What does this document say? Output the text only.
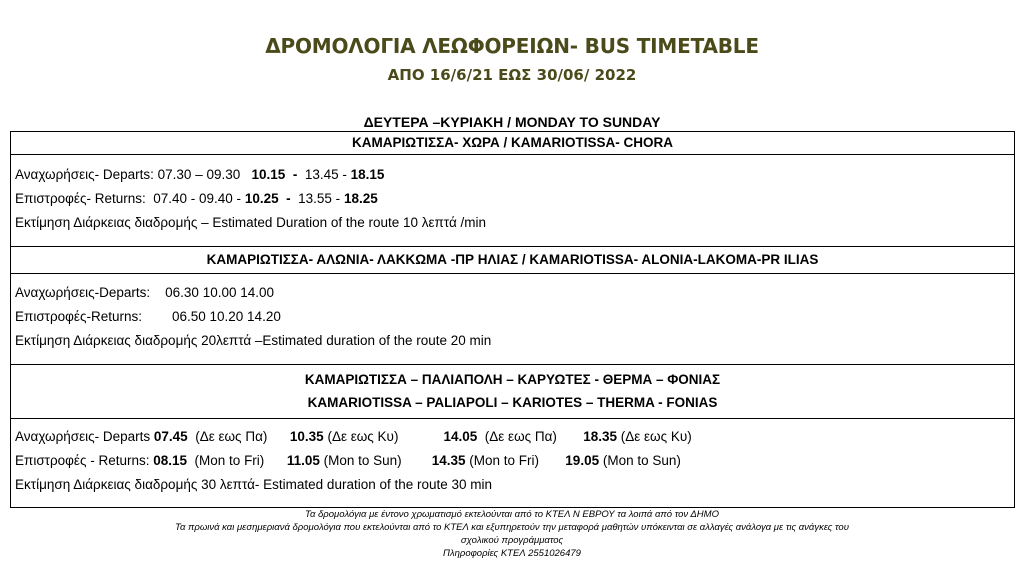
ΔΡΟΜΟΛΟΓΙΑ ΛΕΩΦΟΡΕΙΩΝ- BUS TIMETABLE
ΑΠΟ 16/6/21 ΕΩΣ 30/06/ 2022
ΔΕΥΤΕΡΑ –ΚΥΡΙΑΚΗ / MONDAY TO SUNDAY
ΚΑΜΑΡΙΩΤΙΣΣΑ- ΧΩΡΑ / KAMARIOTISSA- CHORA
Αναχωρήσεις- Departs: 07.30 – 09.30 10.15 - 13.45 - 18.15
Επιστροφές- Returns: 07.40 - 09.40 - 10.25 - 13.55 - 18.25
Εκτίμηση Διάρκειας διαδρομής – Estimated Duration of the route 10 λεπτά /min
ΚΑΜΑΡΙΩΤΙΣΣΑ- ΑΛΩΝΙΑ- ΛΑΚΚΩΜΑ -ΠΡ ΗΛΙΑΣ / KAMARIOTISSA- ALONIA-LAKOMA-PR ILIAS
Αναχωρήσεις-Departs: 06.30 10.00 14.00
Επιστροφές-Returns: 06.50 10.20 14.20
Εκτίμηση Διάρκειας διαδρομής 20λεπτά –Estimated duration of the route 20 min
ΚΑΜΑΡΙΩΤΙΣΣΑ – ΠΑΛΙΑΠΟΛΗ – ΚΑΡΥΩΤΕΣ - ΘΕΡΜΑ – ΦΟΝΙΑΣ
KAMARIOTISSA – PALIAPOLI – KARIOTES – THERMA - FONIAS
Αναχωρήσεις- Departs 07.45 (Δε εως Πα) 10.35 (Δε εως Κυ)	14.05 (Δε εως Πα) 18.35 (Δε εως Κυ)
Επιστροφές - Returns: 08.15 (Mon to Fri) 11.05 (Mon to Sun) 14.35 (Mon to Fri) 19.05 (Mon to Sun)
Εκτίμηση Διάρκειας διαδρομής 30 λεπτά- Estimated duration of the route 30 min
Τα δρομολόγια με έντονο χρωματισμό εκτελούνται από το ΚΤΕΛ Ν ΕΒΡΟΥ τα λοιπά από τον ΔΗΜΟ
Τα πρωινά και μεσημεριανά δρομολόγια που εκτελούνται από το ΚΤΕΛ και εξυπηρετούν την μεταφορά μαθητών υπόκεινται σε αλλαγές ανάλογα με τις ανάγκες του
σχολικού προγράμματος
Πληροφορίες ΚΤΕΛ 2551026479
